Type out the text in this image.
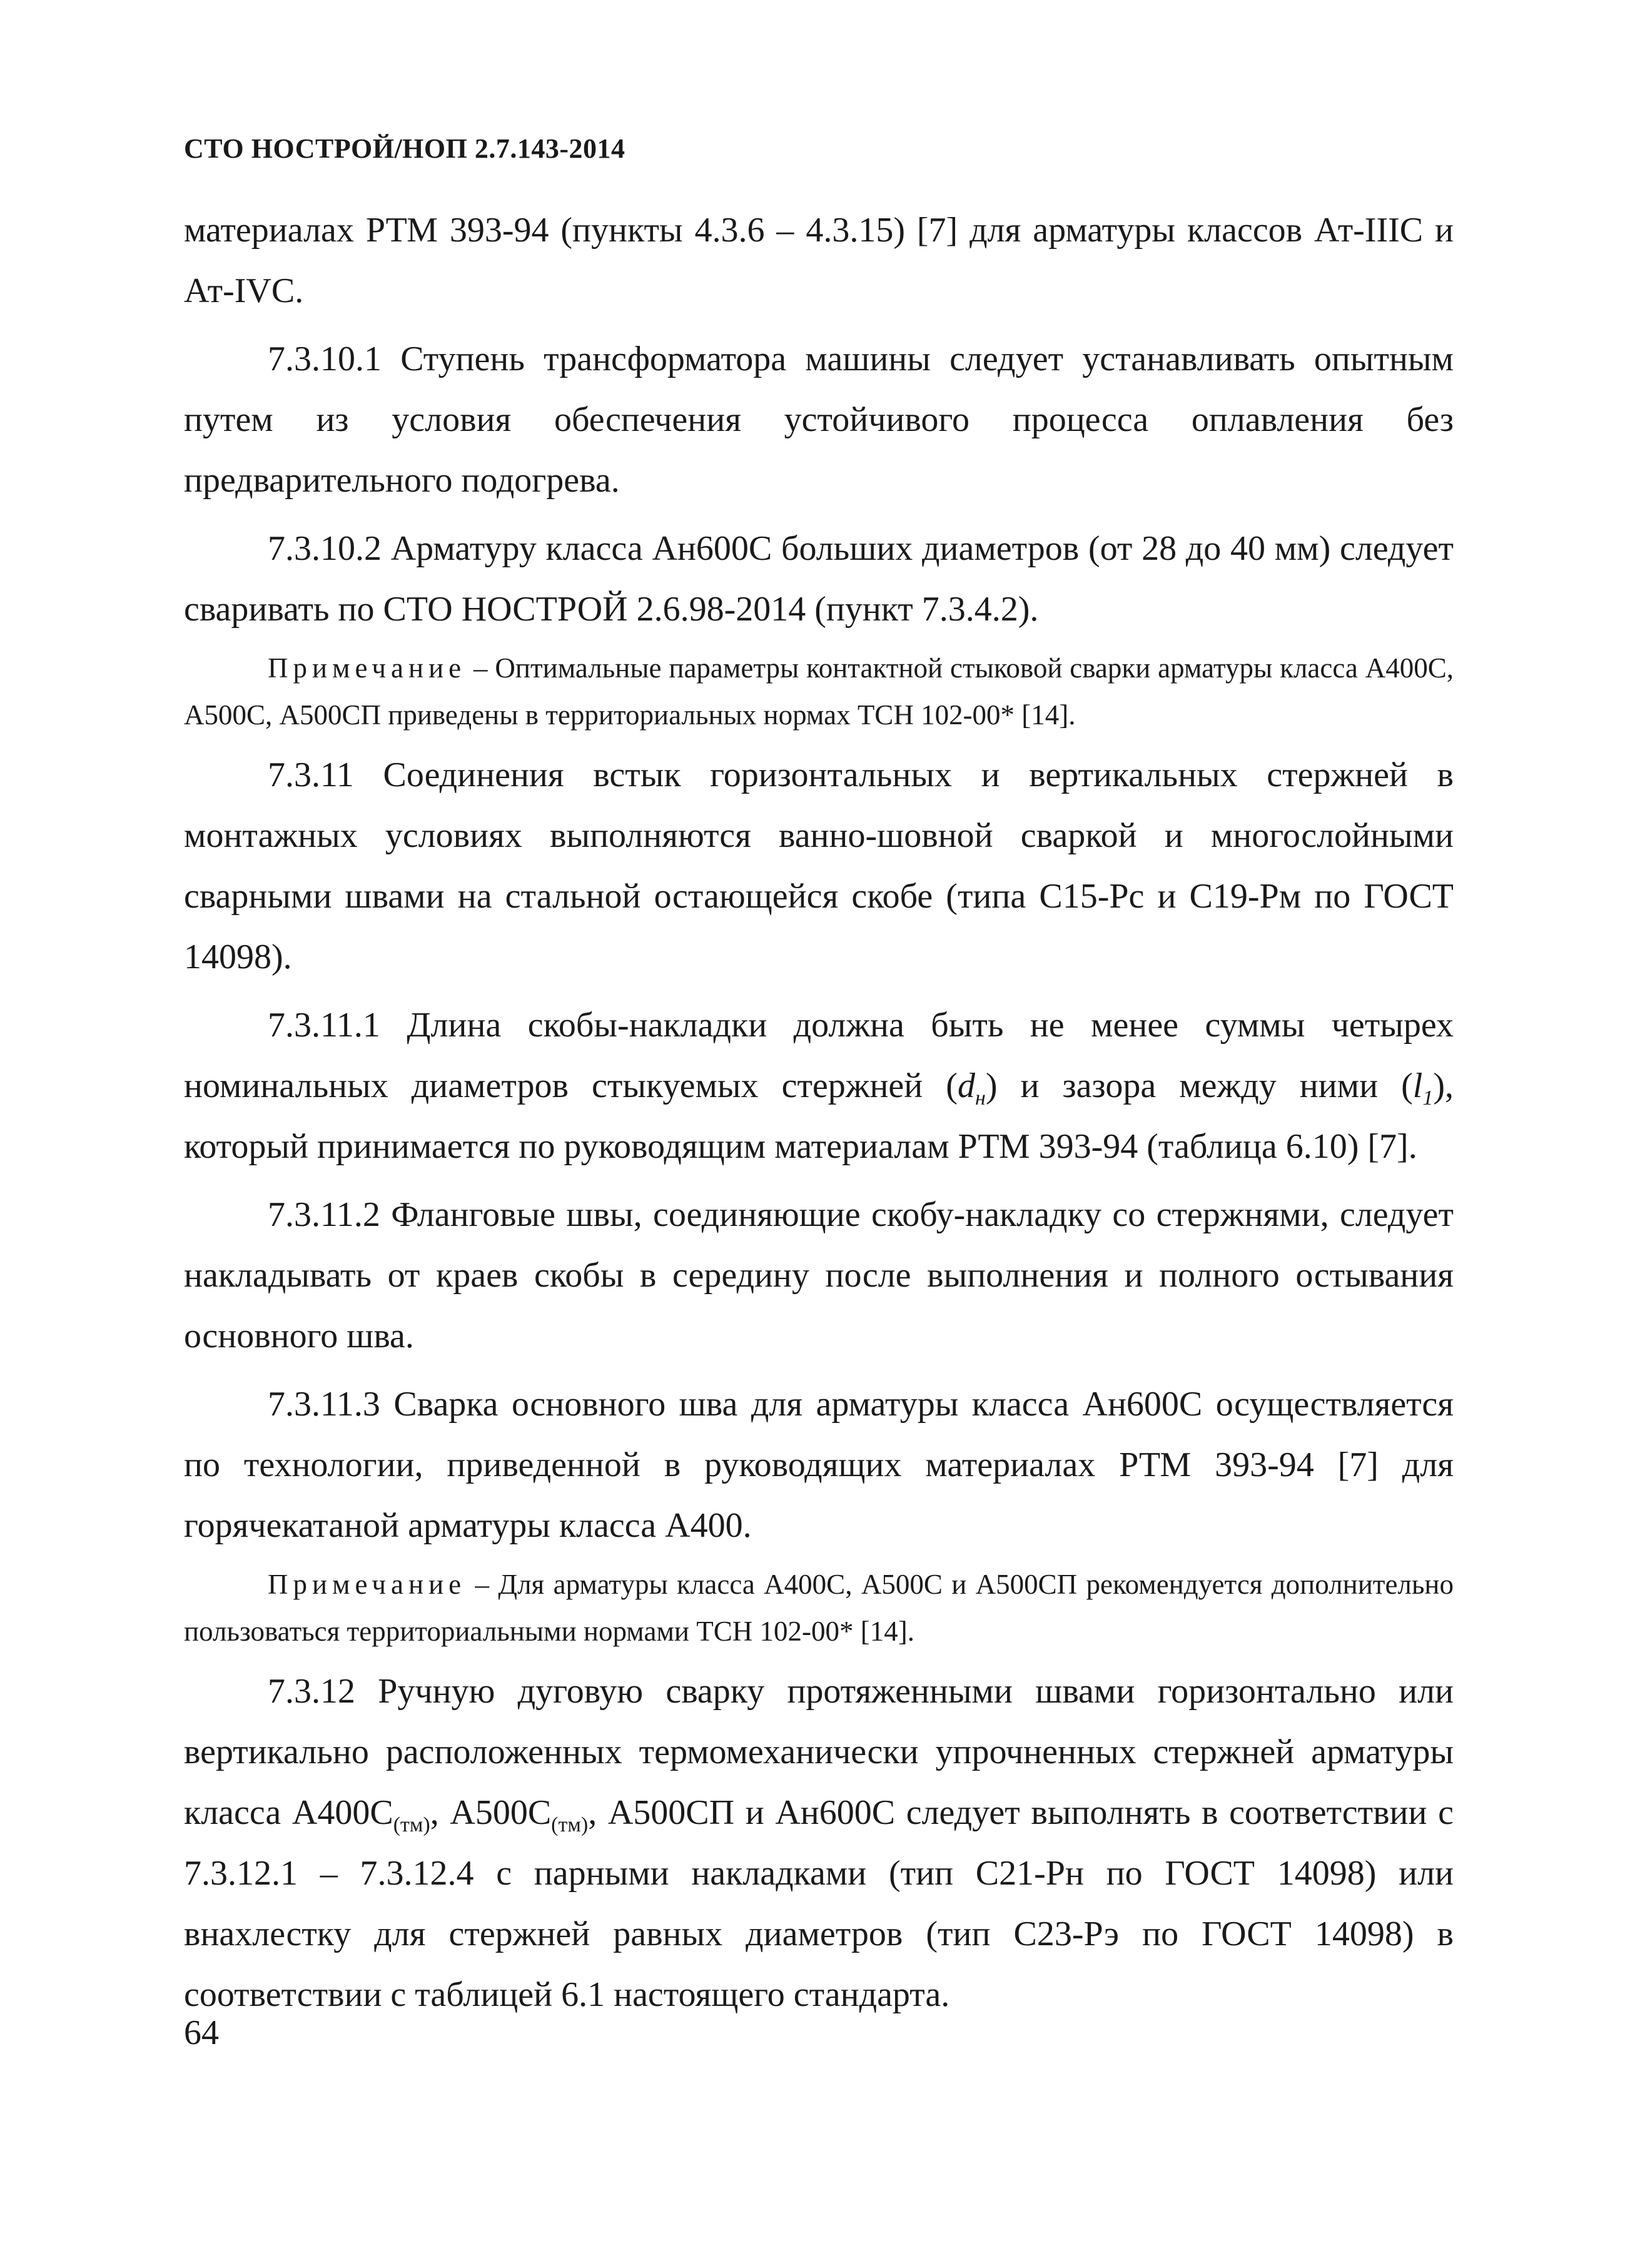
СТО НОСТРОЙ/НОП 2.7.143-2014

материалах РТМ 393-94 (пункты 4.3.6 – 4.3.15) [7] для арматуры классов Ат-IIIС и Ат-IVС.

7.3.10.1 Ступень трансформатора машины следует устанавливать опытным путем из условия обеспечения устойчивого процесса оплавления без предварительного подогрева.

7.3.10.2 Арматуру класса Ан600С больших диаметров (от 28 до 40 мм) следует сваривать по СТО НОСТРОЙ 2.6.98-2014 (пункт 7.3.4.2).

Примечание – Оптимальные параметры контактной стыковой сварки арматуры класса А400С, А500С, А500СП приведены в территориальных нормах ТСН 102-00* [14].

7.3.11 Соединения встык горизонтальных и вертикальных стержней в монтажных условиях выполняются ванно-шовной сваркой и многослойными сварными швами на стальной остающейся скобе (типа С15-Рс и С19-Рм по ГОСТ 14098).

7.3.11.1 Длина скобы-накладки должна быть не менее суммы четырех номинальных диаметров стыкуемых стержней $(d_н)$ и зазора между ними $(l_1)$, который принимается по руководящим материалам РТМ 393-94 (таблица 6.10) [7].

7.3.11.2 Фланговые швы, соединяющие скобу-накладку со стержнями, следует накладывать от краев скобы в середину после выполнения и полного остывания основного шва.

7.3.11.3 Сварка основного шва для арматуры класса Ан600С осуществляется по технологии, приведенной в руководящих материалах РТМ 393-94 [7] для горячекатаной арматуры класса А400.

Примечание – Для арматуры класса А400С, А500С и А500СП рекомендуется дополнительно пользоваться территориальными нормами ТСН 102-00* [14].

7.3.12 Ручную дуговую сварку протяженными швами горизонтально или вертикально расположенных термомеханически упрочненных стержней арматуры класса $А400С_{(тм)}$, $А500С_{(тм)}$, А500СП и Ан600С следует выполнять в соответствии с 7.3.12.1 – 7.3.12.4 с парными накладками (тип С21-Рн по ГОСТ 14098) или внахлестку для стержней равных диаметров (тип С23-Рэ по ГОСТ 14098) в соответствии с таблицей 6.1 настоящего стандарта.

64
